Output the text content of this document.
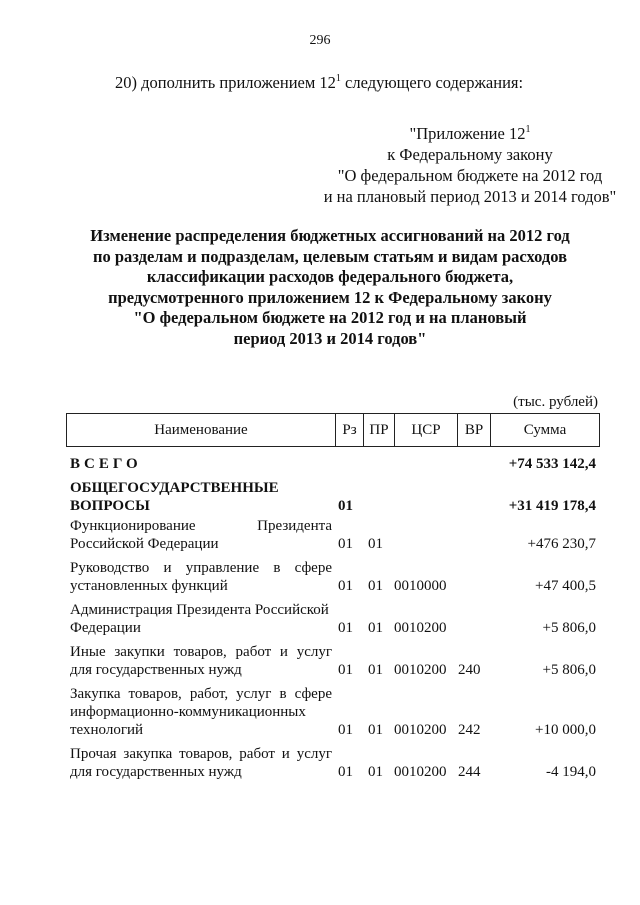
296
20) дополнить приложением $12^1$ следующего содержания:
"Приложение $12^1$
к Федеральному закону
"О федеральном бюджете на 2012 год
и на плановый период 2013 и 2014 годов"
Изменение распределения бюджетных ассигнований на 2012 год
по разделам и подразделам, целевым статьям и видам расходов
классификации расходов федерального бюджета,
предусмотренного приложением 12 к Федеральному закону
"О федеральном бюджете на 2012 год и на плановый
период 2013 и 2014 годов"
(тыс. рублей)
Наименование	Рз	ПР	ЦСР	ВР	Сумма
ВСЕГО	+74 533 142,4
ОБЩЕГОСУДАРСТВЕННЫЕ
ВОПРОСЫ	01	+31 419 178,4
Функционирование Президента
Российской Федерации	01 01	+476 230,7
Руководство и управление в сфере
установленных функций	01 01 0010000	+47 400,5
Администрация Президента Российской
Федерации	01 01 0010200	+5 806,0
Иные закупки товаров, работ и услуг
для государственных нужд	01 01 0010200 240	+5 806,0
Закупка товаров, работ, услуг в сфере
информационно-коммуникационных
технологий	01 01 0010200 242	+10 000,0
Прочая закупка товаров, работ и услуг
для государственных нужд	01 01 0010200 244	-4 194,0
